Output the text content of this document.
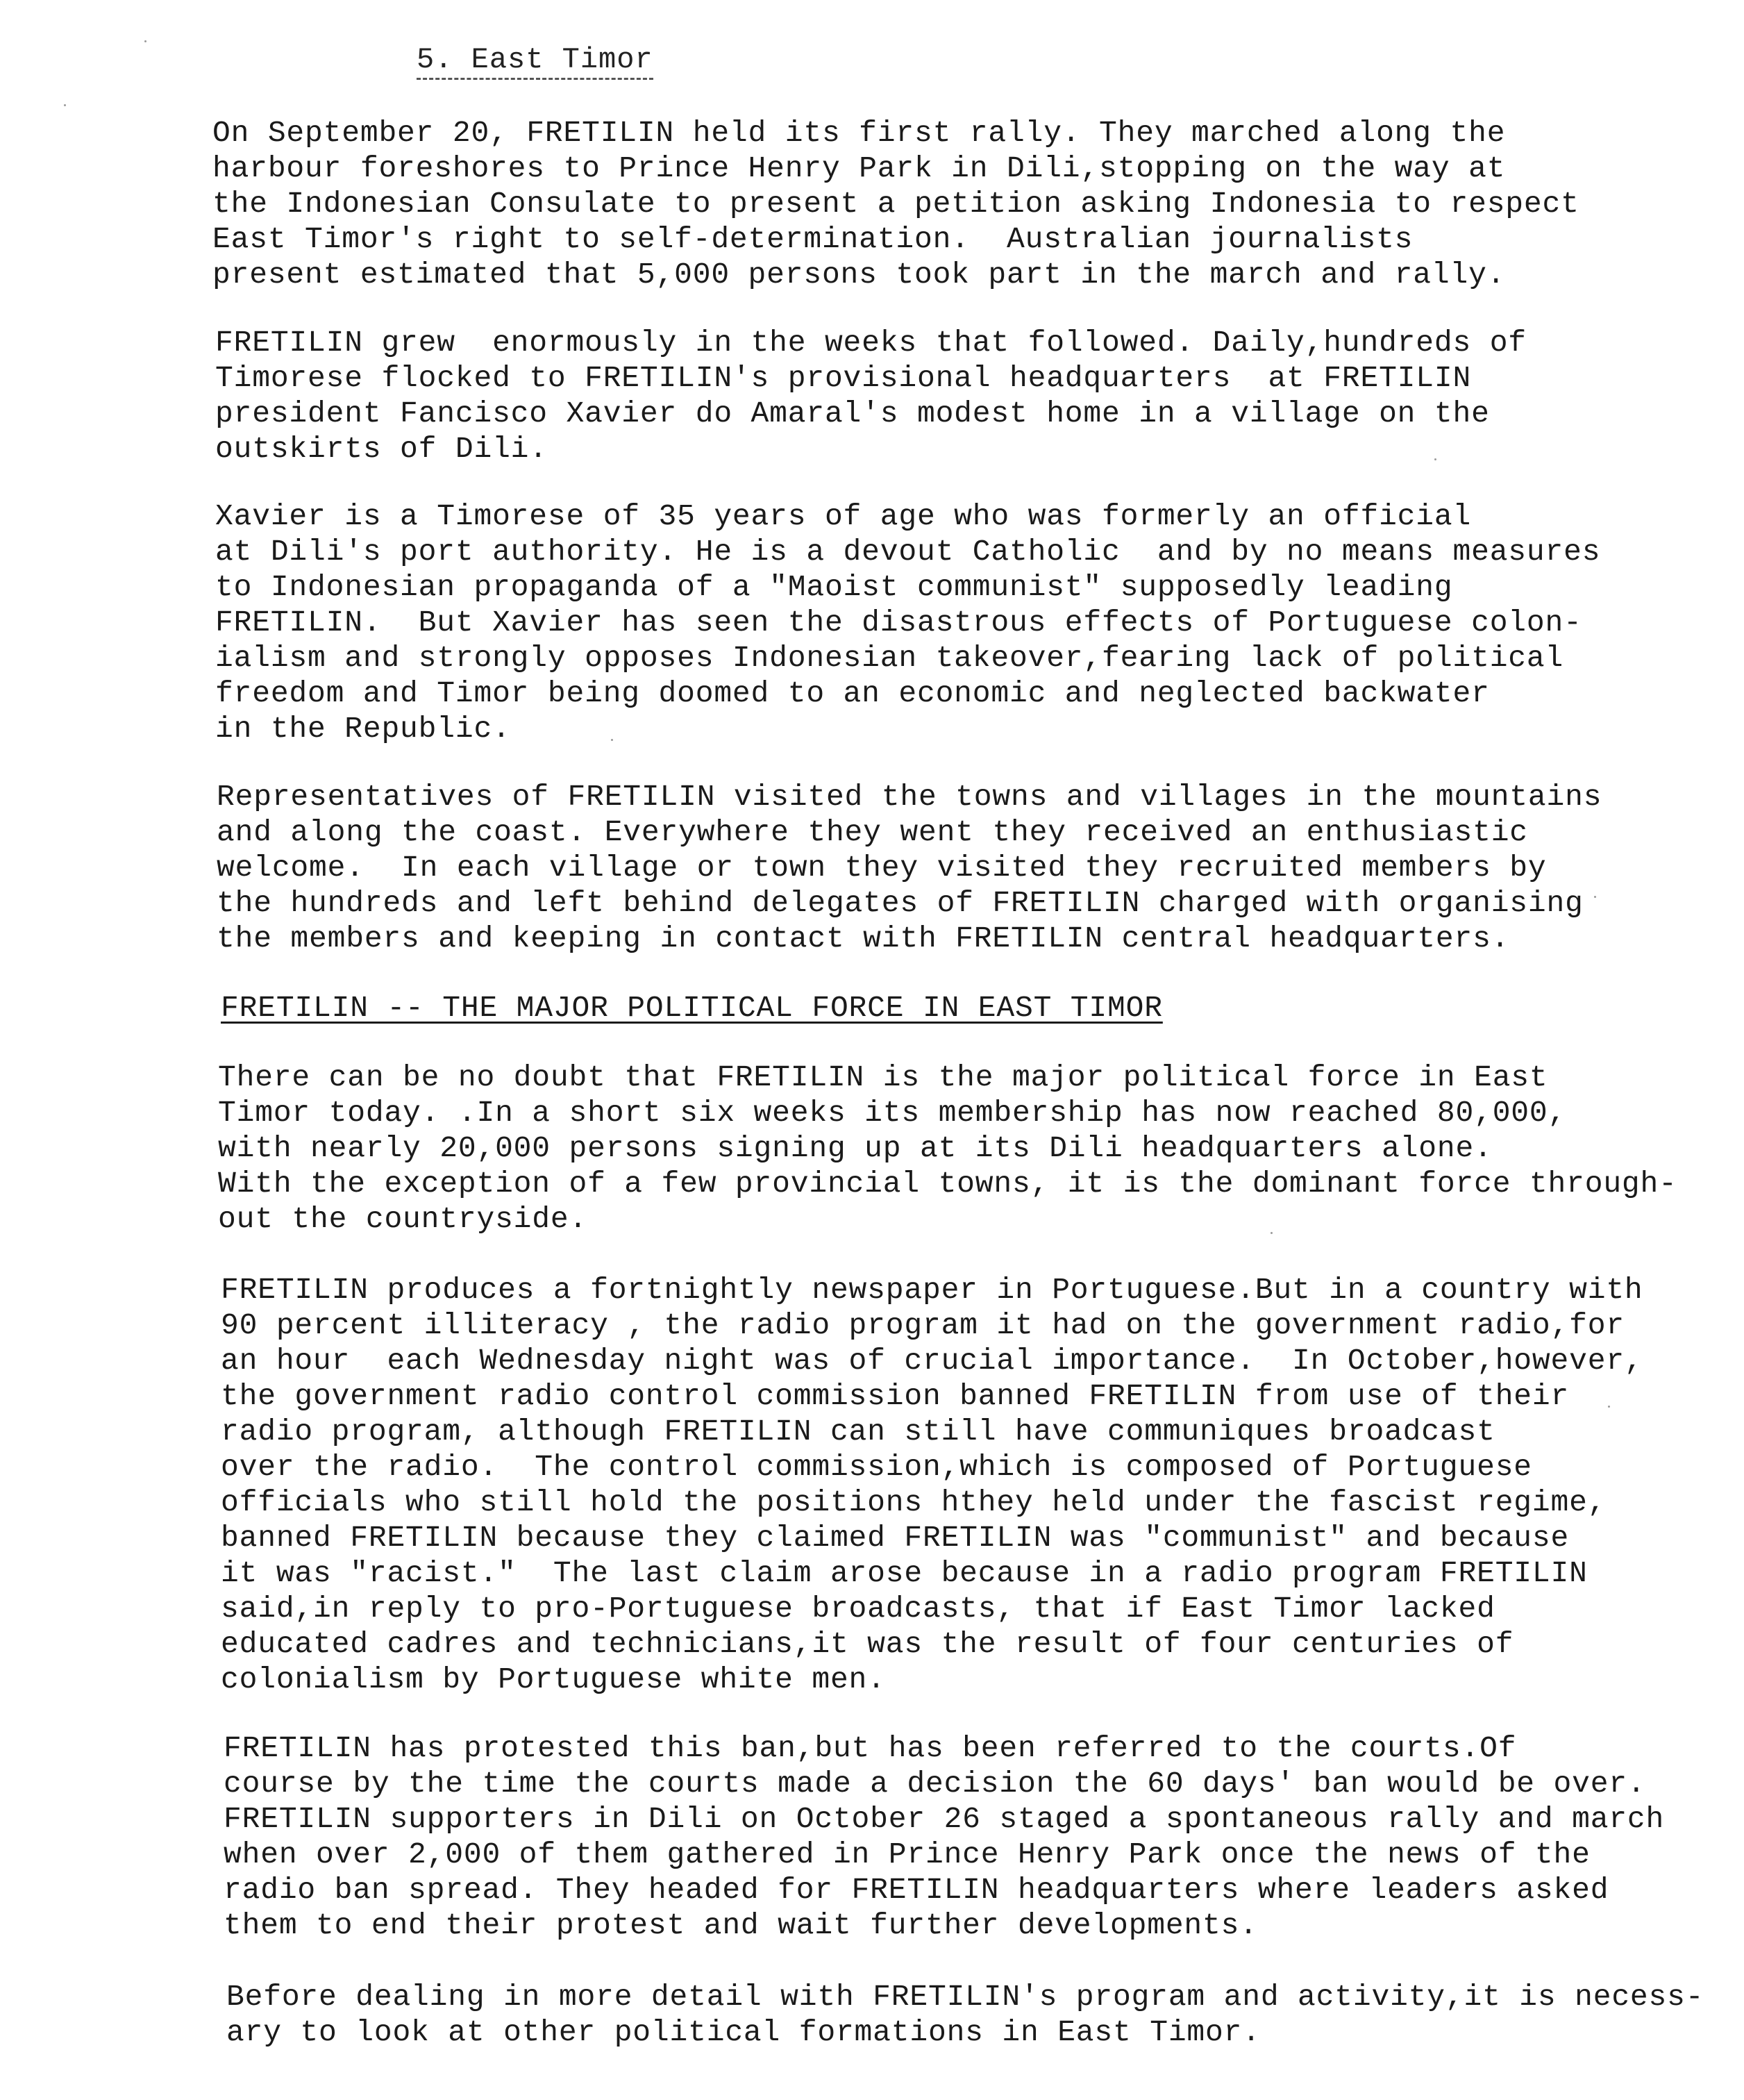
5. East Timor

On September 20, FRETILIN held its first rally. They marched along the
harbour foreshores to Prince Henry Park in Dili,stopping on the way at
the Indonesian Consulate to present a petition asking Indonesia to respect
East Timor's right to self-determination.  Australian journalists
present estimated that 5,000 persons took part in the march and rally.

FRETILIN grew  enormously in the weeks that followed. Daily,hundreds of
Timorese flocked to FRETILIN's provisional headquarters  at FRETILIN
president Fancisco Xavier do Amaral's modest home in a village on the
outskirts of Dili.

Xavier is a Timorese of 35 years of age who was formerly an official
at Dili's port authority. He is a devout Catholic  and by no means measures
to Indonesian propaganda of a "Maoist communist" supposedly leading
FRETILIN.  But Xavier has seen the disastrous effects of Portuguese colon-
ialism and strongly opposes Indonesian takeover,fearing lack of political
freedom and Timor being doomed to an economic and neglected backwater
in the Republic.

Representatives of FRETILIN visited the towns and villages in the mountains
and along the coast. Everywhere they went they received an enthusiastic
welcome.  In each village or town they visited they recruited members by
the hundreds and left behind delegates of FRETILIN charged with organising
the members and keeping in contact with FRETILIN central headquarters.

FRETILIN -- THE MAJOR POLITICAL FORCE IN EAST TIMOR

There can be no doubt that FRETILIN is the major political force in East
Timor today. .In a short six weeks its membership has now reached 80,000,
with nearly 20,000 persons signing up at its Dili headquarters alone.
With the exception of a few provincial towns, it is the dominant force through-
out the countryside.

FRETILIN produces a fortnightly newspaper in Portuguese.But in a country with
90 percent illiteracy , the radio program it had on the government radio,for
an hour  each Wednesday night was of crucial importance.  In October,however,
the government radio control commission banned FRETILIN from use of their
radio program, although FRETILIN can still have communiques broadcast
over the radio.  The control commission,which is composed of Portuguese
officials who still hold the positions hthey held under the fascist regime,
banned FRETILIN because they claimed FRETILIN was "communist" and because
it was "racist."  The last claim arose because in a radio program FRETILIN
said,in reply to pro-Portuguese broadcasts, that if East Timor lacked
educated cadres and technicians,it was the result of four centuries of
colonialism by Portuguese white men.

FRETILIN has protested this ban,but has been referred to the courts.Of
course by the time the courts made a decision the 60 days' ban would be over.
FRETILIN supporters in Dili on October 26 staged a spontaneous rally and march
when over 2,000 of them gathered in Prince Henry Park once the news of the
radio ban spread. They headed for FRETILIN headquarters where leaders asked
them to end their protest and wait further developments.

Before dealing in more detail with FRETILIN's program and activity,it is necess-
ary to look at other political formations in East Timor.
